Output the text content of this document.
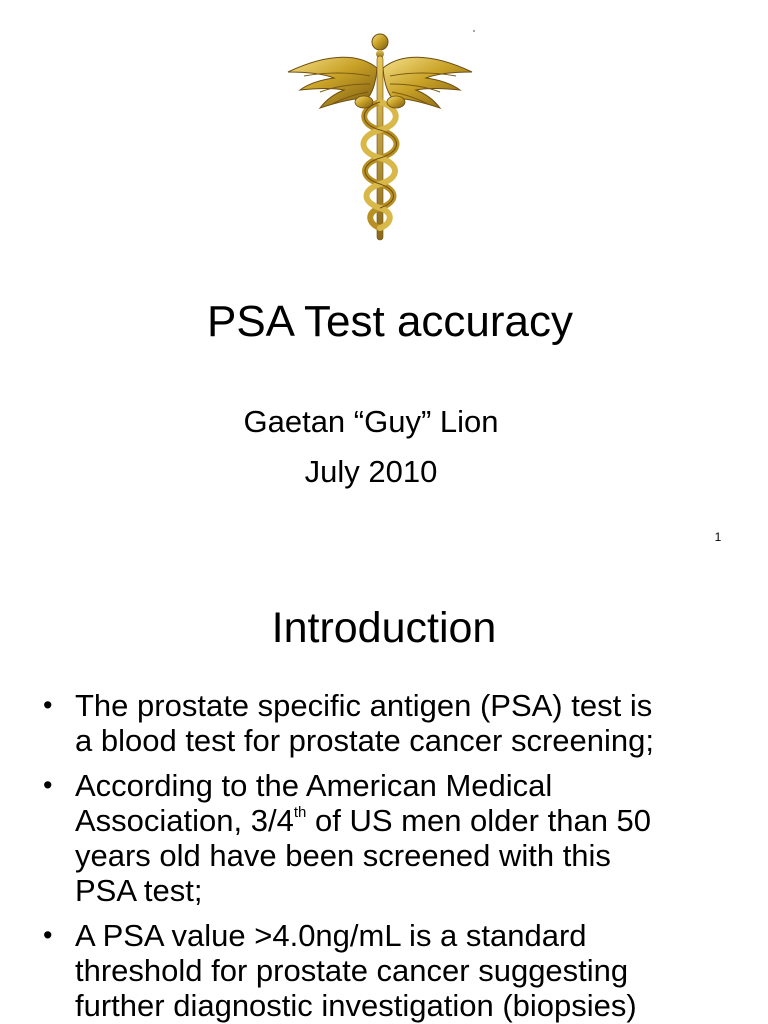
PSA Test accuracy
Gaetan “Guy” Lion
July 2010
1
Introduction
• The prostate specific antigen (PSA) test is
a blood test for prostate cancer screening;
• According to the American Medical
Association, 3/4th of US men older than 50
years old have been screened with this
PSA test;
• A PSA value >4.0ng/mL is a standard
threshold for prostate cancer suggesting
further diagnostic investigation (biopsies)
